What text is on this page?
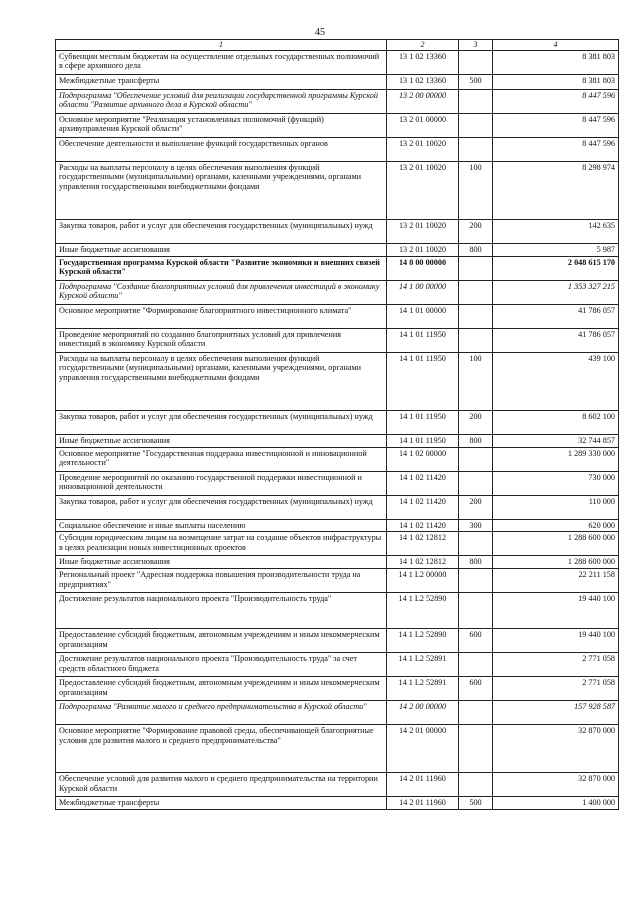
45
1	2	3	4
Субвенции местным бюджетам на осуществление отдельных государственных полномочий в сфере архивного дела	13 1 02 13360		8 381 803
Межбюджетные трансферты	13 1 02 13360	500	8 381 803
Подпрограмма "Обеспечение условий для реализации государственной программы Курской области "Развитие архивного дела в Курской области"	13 2 00 00000		8 447 596
Основное мероприятие "Реализация установленных полномочий (функций) архивуправления Курской области"	13 2 01 00000		8 447 596
Обеспечение деятельности и выполнение функций государственных органов	13 2 01 10020		8 447 596
Расходы на выплаты персоналу в целях обеспечения выполнения функций государственными (муниципальными) органами, казенными учреждениями, органами управления государственными внебюджетными фондами	13 2 01 10020	100	8 298 974
Закупка товаров, работ и услуг для обеспечения государственных (муниципальных) нужд	13 2 01 10020	200	142 635
Иные бюджетные ассигнования	13 2 01 10020	800	5 987
Государственная программа Курской области "Развитие экономики и внешних связей Курской области"	14 0 00 00000		2 048 615 170
Подпрограмма "Создание благоприятных условий для привлечения инвестиций в экономику Курской области"	14 1 00 00000		1 353 327 215
Основное мероприятие "Формирование благоприятного инвестиционного климата"	14 1 01 00000		41 786 057
Проведение мероприятий по созданию благоприятных условий для привлечения инвестиций в экономику Курской области	14 1 01 11950		41 786 057
Расходы на выплаты персоналу в целях обеспечения выполнения функций государственными (муниципальными) органами, казенными учреждениями, органами управления государственными внебюджетными фондами	14 1 01 11950	100	439 100
Закупка товаров, работ и услуг для обеспечения государственных (муниципальных) нужд	14 1 01 11950	200	8 602 100
Иные бюджетные ассигнования	14 1 01 11950	800	32 744 857
Основное мероприятие "Государственная поддержка инвестиционной и инновационной деятельности"	14 1 02 00000		1 289 330 000
Проведение мероприятий по оказанию государственной поддержки инвестиционной и инновационной деятельности	14 1 02 11420		730 000
Закупка товаров, работ и услуг для обеспечения государственных (муниципальных) нужд	14 1 02 11420	200	110 000
Социальное обеспечение и иные выплаты населению	14 1 02 11420	300	620 000
Субсидия юридическим лицам на возмещение затрат на создание объектов инфраструктуры в целях реализации новых инвестиционных проектов	14 1 02 12812		1 288 600 000
Иные бюджетные ассигнования	14 1 02 12812	800	1 288 600 000
Региональный проект "Адресная поддержка повышения производительности труда на предприятиях"	14 1 L2 00000		22 211 158
Достижение результатов национального проекта "Производительность труда"	14 1 L2 52890		19 440 100
Предоставление субсидий бюджетным, автономным учреждениям и иным некоммерческим организациям	14 1 L2 52890	600	19 440 100
Достижение результатов национального проекта "Производительность труда" за счет средств областного бюджета	14 1 L2 52891		2 771 058
Предоставление субсидий бюджетным, автономным учреждениям и иным некоммерческим организациям	14 1 L2 52891	600	2 771 058
Подпрограмма "Развитие малого и среднего предпринимательства в Курской области"	14 2 00 00000		157 928 587
Основное мероприятие "Формирование правовой среды, обеспечивающей благоприятные условия для развития малого и среднего предпринимательства"	14 2 01 00000		32 870 000
Обеспечение условий для развития малого и среднего предпринимательства на территории Курской области	14 2 01 11960		32 870 000
Межбюджетные трансферты	14 2 01 11960	500	1 400 000
